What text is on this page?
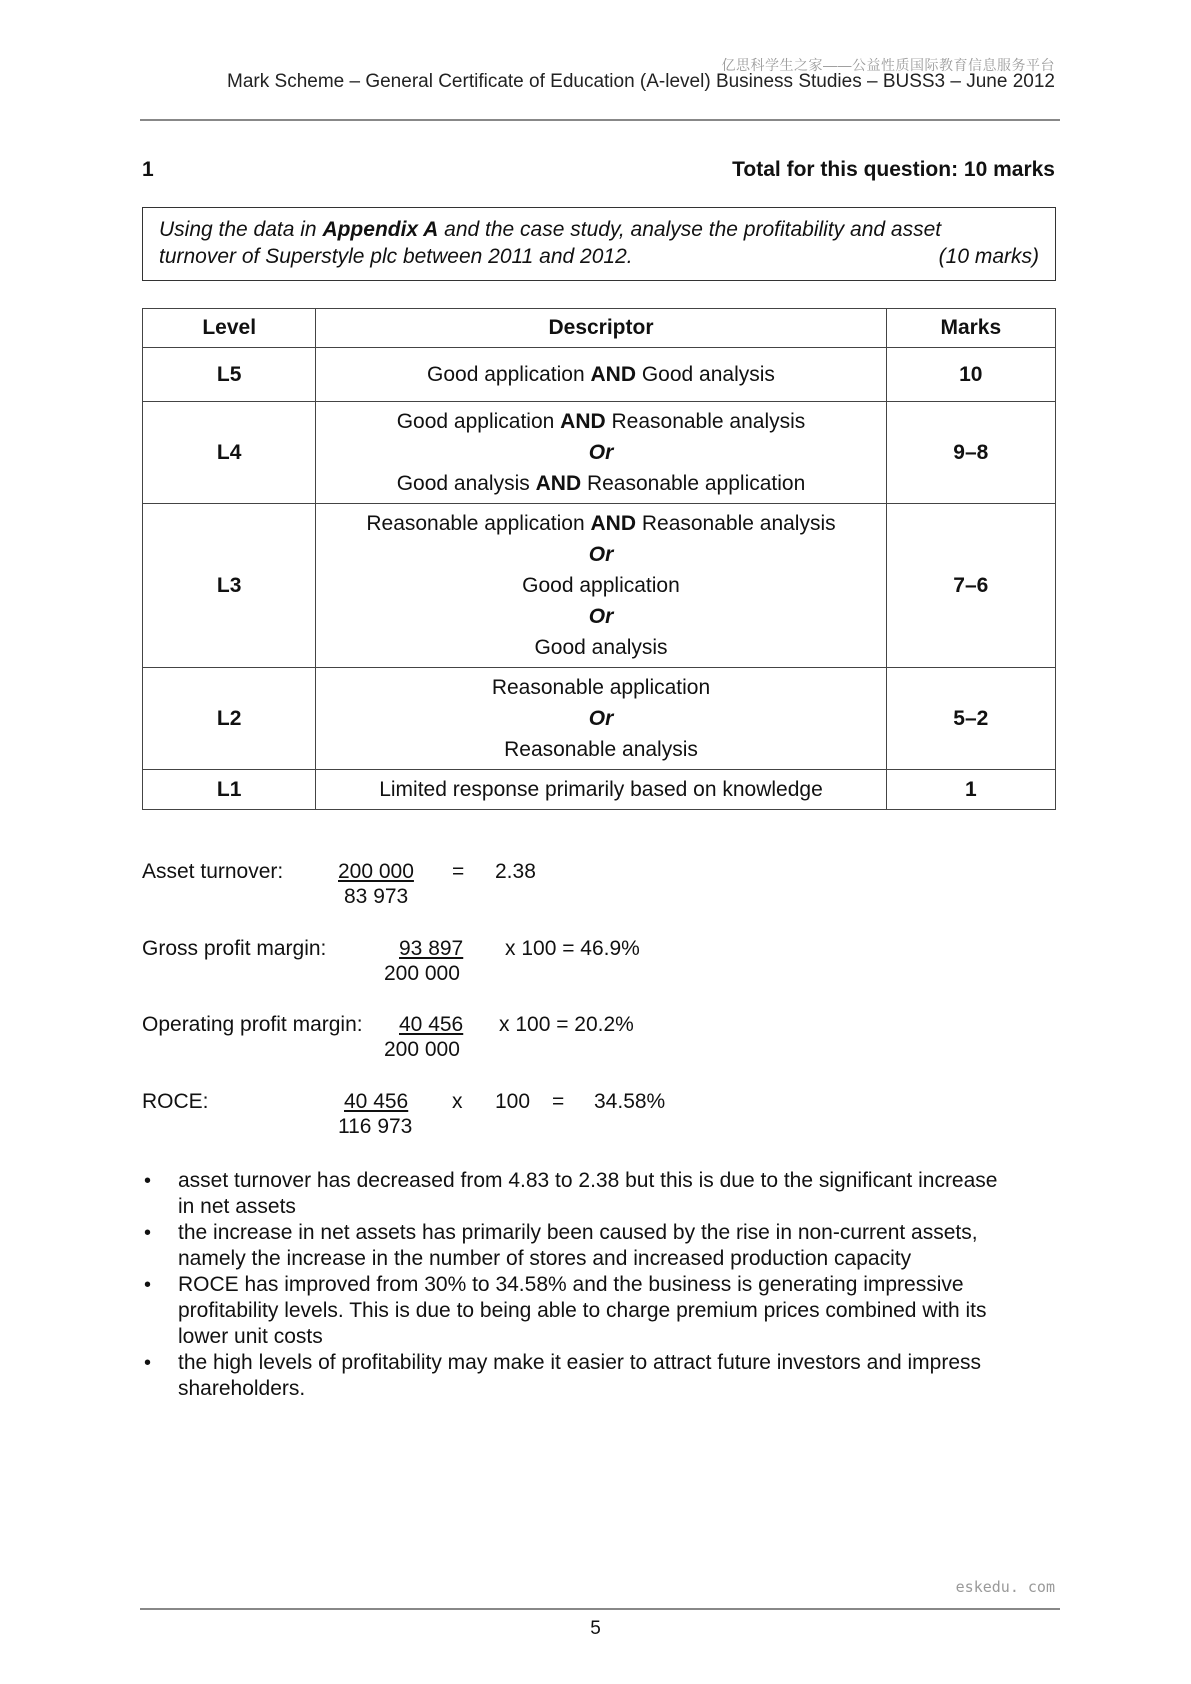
亿思科学生之家——公益性质国际教育信息服务平台
Mark Scheme – General Certificate of Education (A-level) Business Studies – BUSS3 – June 2012
1	Total for this question: 10 marks
Using the data in Appendix A and the case study, analyse the profitability and asset
turnover of Superstyle plc between 2011 and 2012.	(10 marks)
Level	Descriptor	Marks
L5	Good application AND Good analysis	10
L4	Good application AND Reasonable analysis
Or
Good analysis AND Reasonable application	9–8
L3	Reasonable application AND Reasonable analysis
Or
Good application
Or
Good analysis	7–6
L2	Reasonable application
Or
Reasonable analysis	5–2
L1	Limited response primarily based on knowledge	1
Asset turnover:	200 000
83 973
= 2.38
Gross profit margin:	93 897
200 000
x 100 = 46.9%
Operating profit margin: 40 456
200 000
x 100 = 20.2%
ROCE:	40 456
116 973
x 100 = 34.58%
• asset turnover has decreased from 4.83 to 2.38 but this is due to the significant increase
in net assets
• the increase in net assets has primarily been caused by the rise in non-current assets,
namely the increase in the number of stores and increased production capacity
• ROCE has improved from 30% to 34.58% and the business is generating impressive
profitability levels. This is due to being able to charge premium prices combined with its
lower unit costs
• the high levels of profitability may make it easier to attract future investors and impress
shareholders.
eskedu. com
5
